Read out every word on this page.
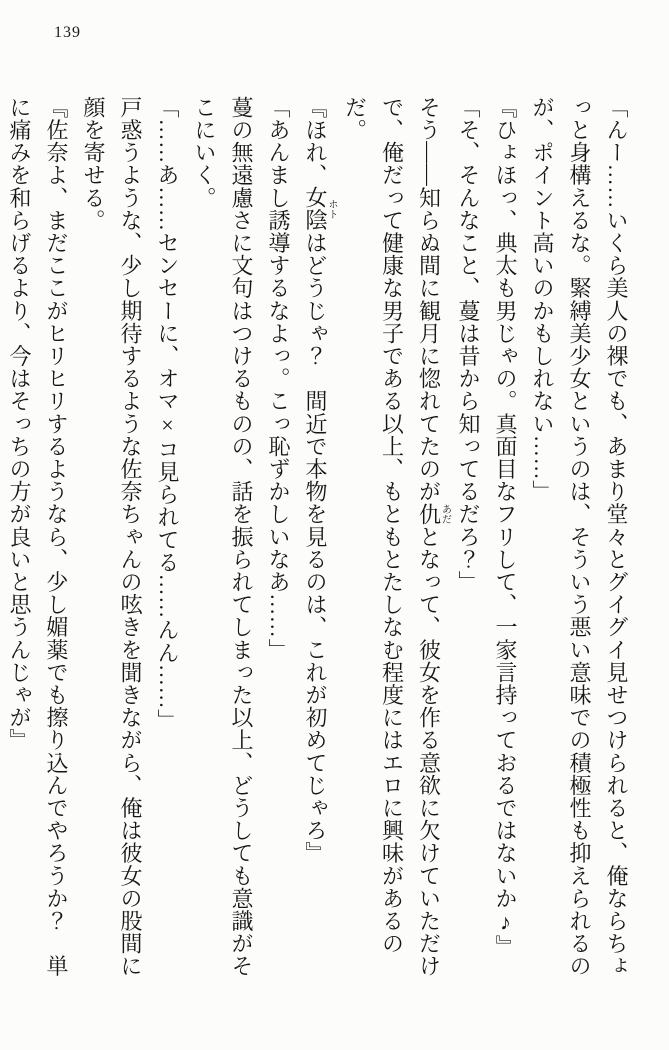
139

「んー……いくら美人の裸でも、あまり堂々とグイグイ見せつけられると、俺ならちょっと身構えるな。緊縛美少女というのは、そういう悪い意味での積極性も抑えられるのが、ポイント高いのかもしれない……」

『ひょほっ、典太も男じゃの。真面目なフリして、一家言持っておるではないか♪』

「そ、そんなこと、蔓は昔から知ってるだろ？」

そう――知らぬ間に観月に惚れてたのが仇あだとなって、彼女を作る意欲に欠けていただけで、俺だって健康な男子である以上、もともとたしなむ程度にはエロに興味があるのだ。

『ほれ、女陰ホトはどうじゃ？　間近で本物を見るのは、これが初めてじゃろ』

「あんまし誘導するなよっ。こっ恥ずかしいなあ……」

蔓の無遠慮さに文句はつけるものの、話を振られてしまった以上、どうしても意識がそこにいく。

「……あ……センセーに、オマ×コ見られてる……んん……」

戸惑うような、少し期待するような佐奈ちゃんの呟きを聞きながら、俺は彼女の股間に顔を寄せる。

『佐奈よ、まだここがヒリヒリするようなら、少し媚薬でも擦り込んでやろうか？　単に痛みを和らげるより、今はそっちの方が良いと思うんじゃが』
